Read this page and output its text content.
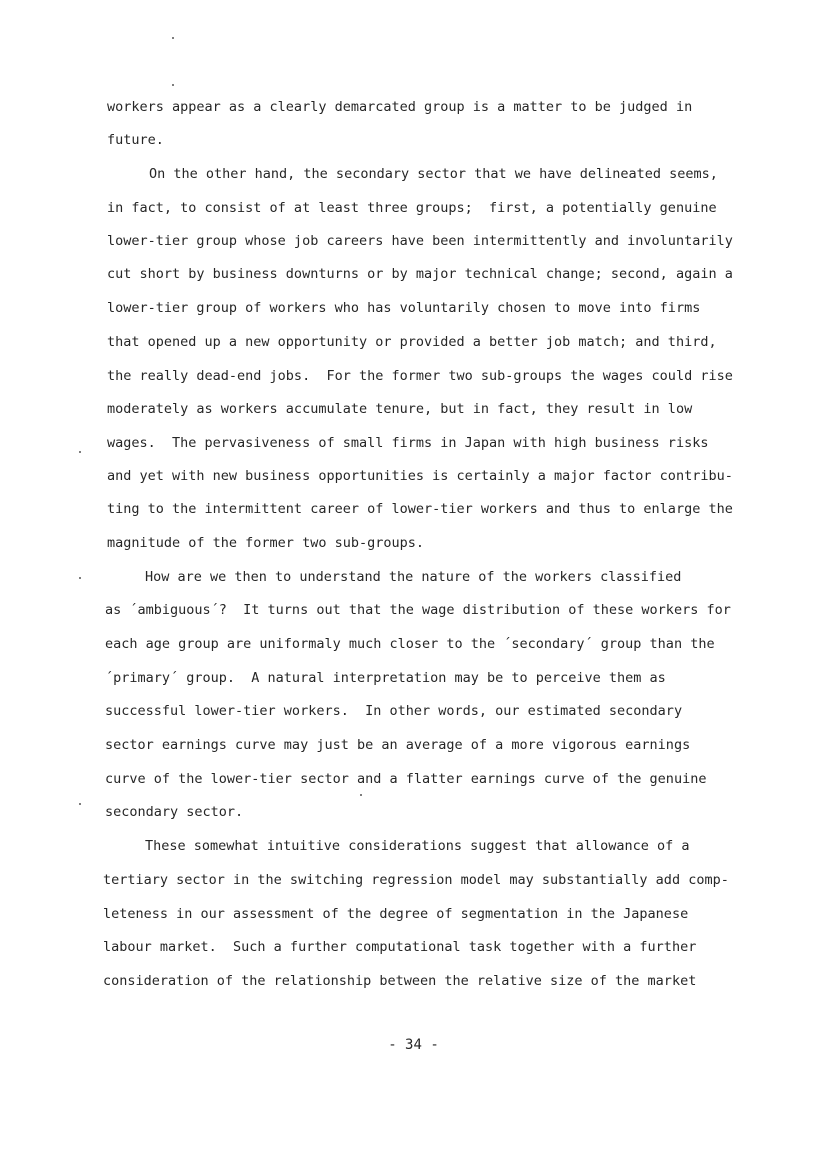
workers appear as a clearly demarcated group is a matter to be judged in
future.
On the other hand, the secondary sector that we have delineated seems,
in fact, to consist of at least three groups;  first, a potentially genuine
lower-tier group whose job careers have been intermittently and involuntarily
cut short by business downturns or by major technical change; second, again a
lower-tier group of workers who has voluntarily chosen to move into firms
that opened up a new opportunity or provided a better job match; and third,
the really dead-end jobs.  For the former two sub-groups the wages could rise
moderately as workers accumulate tenure, but in fact, they result in low
wages.  The pervasiveness of small firms in Japan with high business risks
and yet with new business opportunities is certainly a major factor contribu-
ting to the intermittent career of lower-tier workers and thus to enlarge the
magnitude of the former two sub-groups.
How are we then to understand the nature of the workers classified
as ´ambiguous´?  It turns out that the wage distribution of these workers for
each age group are uniformaly much closer to the ´secondary´ group than the
´primary´ group.  A natural interpretation may be to perceive them as
successful lower-tier workers.  In other words, our estimated secondary
sector earnings curve may just be an average of a more vigorous earnings
curve of the lower-tier sector and a flatter earnings curve of the genuine
secondary sector.
These somewhat intuitive considerations suggest that allowance of a
tertiary sector in the switching regression model may substantially add comp-
leteness in our assessment of the degree of segmentation in the Japanese
labour market.  Such a further computational task together with a further
consideration of the relationship between the relative size of the market
- 34 -
